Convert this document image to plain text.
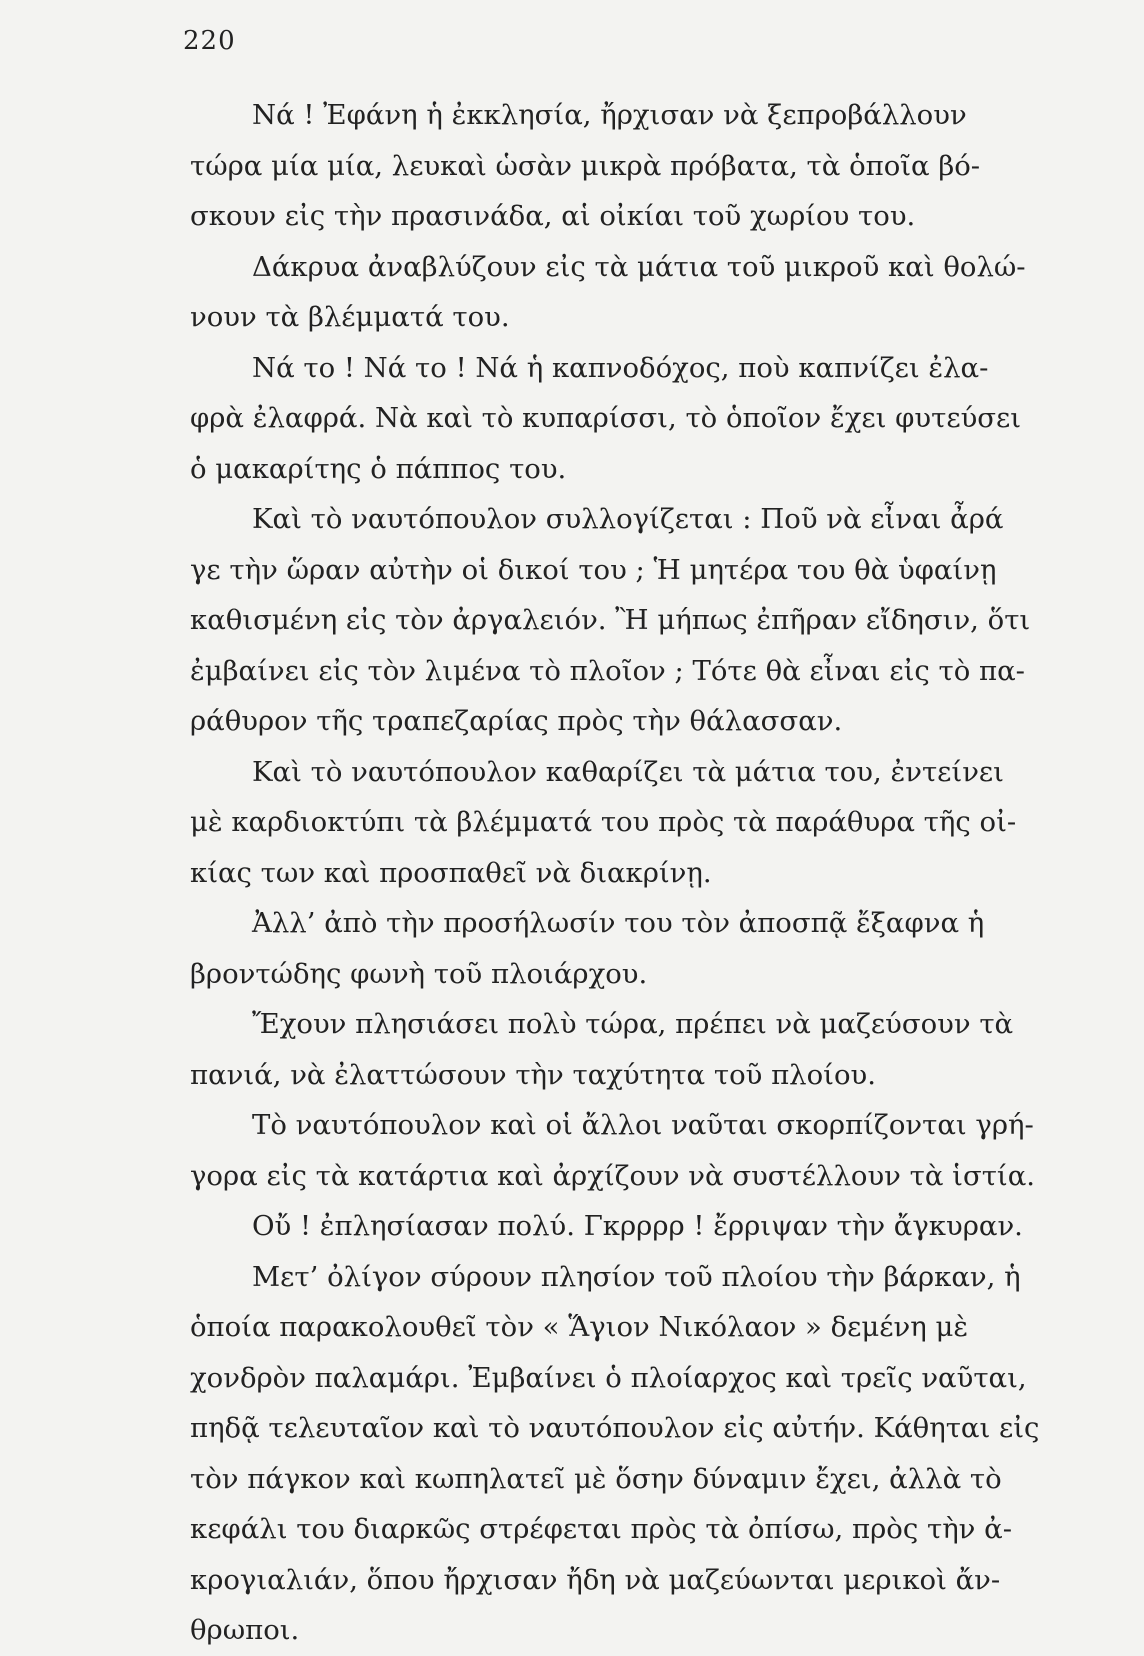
220
Νά ! Ἐφάνη ἡ ἐκκλησία, ἤρχισαν νὰ ξεπροβάλλουν
τώρα μία μία, λευκαὶ ὡσὰν μικρὰ πρόβατα, τὰ ὁποῖα βό-
σκουν εἰς τὴν πρασινάδα, αἱ οἰκίαι τοῦ χωρίου του.
Δάκρυα ἀναβλύζουν εἰς τὰ μάτια τοῦ μικροῦ καὶ θολώ-
νουν τὰ βλέμματά του.
Νά το ! Νά το ! Νά ἡ καπνοδόχος, ποὺ καπνίζει ἐλα-
φρὰ ἐλαφρά. Νὰ καὶ τὸ κυπαρίσσι, τὸ ὁποῖον ἔχει φυτεύσει
ὁ μακαρίτης ὁ πάππος του.
Καὶ τὸ ναυτόπουλον συλλογίζεται : Ποῦ νὰ εἶναι ἆρά
γε τὴν ὥραν αὐτὴν οἱ δικοί του ; Ἡ μητέρα του θὰ ὑφαίνῃ
καθισμένη εἰς τὸν ἀργαλειόν. Ἢ μήπως ἐπῆραν εἴδησιν, ὅτι
ἐμβαίνει εἰς τὸν λιμένα τὸ πλοῖον ; Τότε θὰ εἶναι εἰς τὸ πα-
ράθυρον τῆς τραπεζαρίας πρὸς τὴν θάλασσαν.
Καὶ τὸ ναυτόπουλον καθαρίζει τὰ μάτια του, ἐντείνει
μὲ καρδιοκτύπι τὰ βλέμματά του πρὸς τὰ παράθυρα τῆς οἰ-
κίας των καὶ προσπαθεῖ νὰ διακρίνῃ.
Ἀλλ’ ἀπὸ τὴν προσήλωσίν του τὸν ἀποσπᾷ ἔξαφνα ἡ
βροντώδης φωνὴ τοῦ πλοιάρχου.
Ἔχουν πλησιάσει πολὺ τώρα, πρέπει νὰ μαζεύσουν τὰ
πανιά, νὰ ἐλαττώσουν τὴν ταχύτητα τοῦ πλοίου.
Τὸ ναυτόπουλον καὶ οἱ ἄλλοι ναῦται σκορπίζονται γρή-
γορα εἰς τὰ κατάρτια καὶ ἀρχίζουν νὰ συστέλλουν τὰ ἱστία.
Οὔ ! ἐπλησίασαν πολύ. Γκρρρρ ! ἔρριψαν τὴν ἄγκυραν.
Μετ’ ὀλίγον σύρουν πλησίον τοῦ πλοίου τὴν βάρκαν, ἡ
ὁποία παρακολουθεῖ τὸν « Ἅγιον Νικόλαον » δεμένη μὲ
χονδρὸν παλαμάρι. Ἐμβαίνει ὁ πλοίαρχος καὶ τρεῖς ναῦται,
πηδᾷ τελευταῖον καὶ τὸ ναυτόπουλον εἰς αὐτήν. Κάθηται εἰς
τὸν πάγκον καὶ κωπηλατεῖ μὲ ὅσην δύναμιν ἔχει, ἀλλὰ τὸ
κεφάλι του διαρκῶς στρέφεται πρὸς τὰ ὀπίσω, πρὸς τὴν ἀ-
κρογιαλιάν, ὅπου ἤρχισαν ἤδη νὰ μαζεύωνται μερικοὶ ἄν-
θρωποι.
